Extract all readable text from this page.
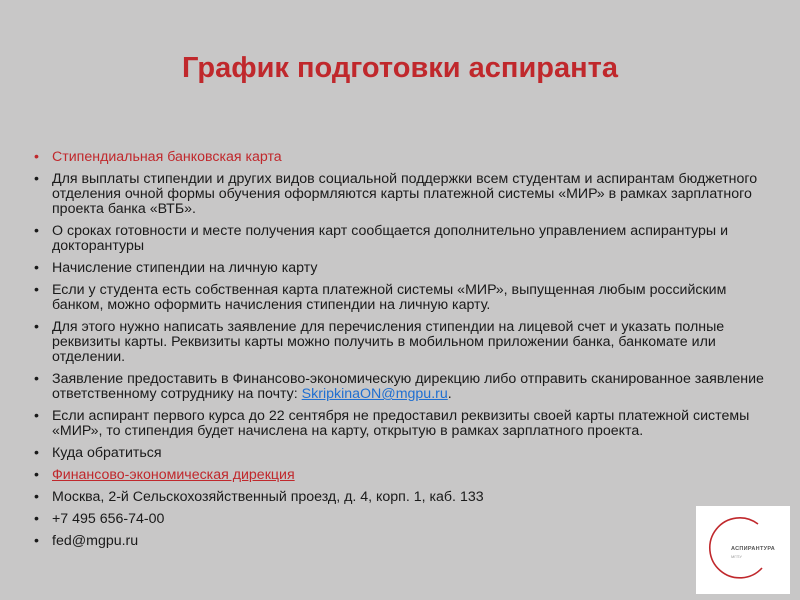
График подготовки аспиранта
• Стипендиальная банковская карта
• Для выплаты стипендии и других видов социальной поддержки всем студентам и аспирантам бюджетного отделения очной формы обучения оформляются карты платежной системы «МИР» в рамках зарплатного проекта банка «ВТБ».
• О сроках готовности и месте получения карт сообщается дополнительно управлением аспирантуры и докторантуры
• Начисление стипендии на личную карту
• Если у студента есть собственная карта платежной системы «МИР», выпущенная любым российским банком, можно оформить начисления стипендии на личную карту.
• Для этого нужно написать заявление для перечисления стипендии на лицевой счет и указать полные реквизиты карты. Реквизиты карты можно получить в мобильном приложении банка, банкомате или отделении.
• Заявление предоставить в Финансово-экономическую дирекцию либо отправить сканированное заявление ответственному сотруднику на почту: SkripkinaON@mgpu.ru.
• Если аспирант первого курса до 22 сентября не предоставил реквизиты своей карты платежной системы «МИР», то стипендия будет начислена на карту, открытую в рамках зарплатного проекта.
• Куда обратиться
• Финансово-экономическая дирекция
• Москва, 2-й Сельскохозяйственный проезд, д. 4, корп. 1, каб. 133
• +7 495 656-74-00
• fed@mgpu.ru	АСПИРАНТУРА
МГПУ
